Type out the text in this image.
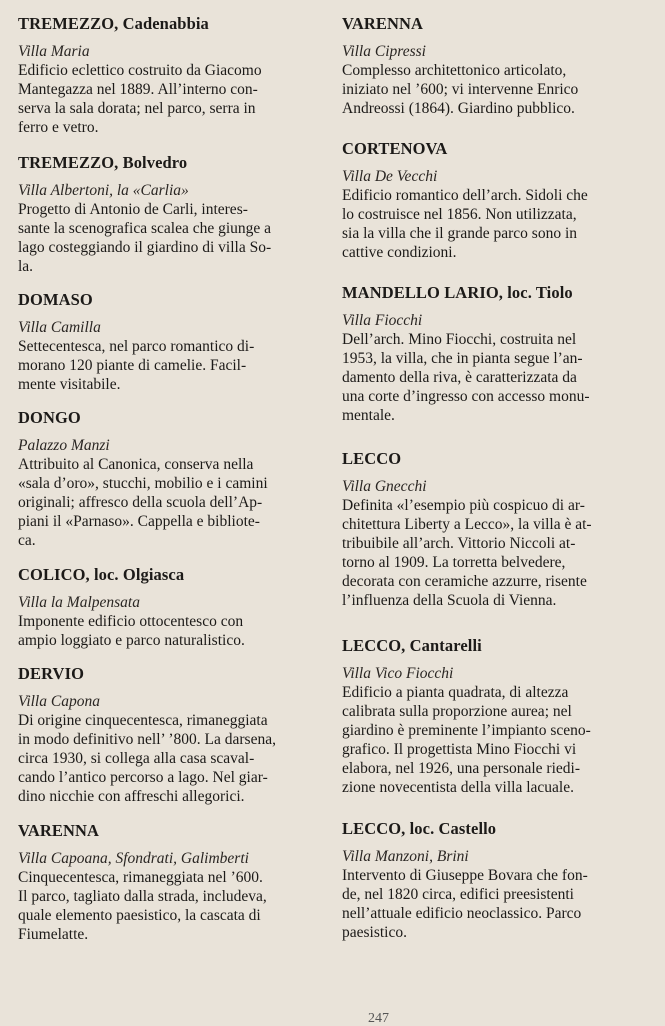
TREMEZZO, Cadenabbia
Villa Maria
Edificio eclettico costruito da Giacomo
Mantegazza nel 1889. All’interno con-
serva la sala dorata; nel parco, serra in
ferro e vetro.
TREMEZZO, Bolvedro
Villa Albertoni, la «Carlia»
Progetto di Antonio de Carli, interes-
sante la scenografica scalea che giunge a
lago costeggiando il giardino di villa So-
la.
DOMASO
Villa Camilla
Settecentesca, nel parco romantico di-
morano 120 piante di camelie. Facil-
mente visitabile.
DONGO
Palazzo Manzi
Attribuito al Canonica, conserva nella
«sala d’oro», stucchi, mobilio e i camini
originali; affresco della scuola dell’Ap-
piani il «Parnaso». Cappella e bibliote-
ca.
COLICO, loc. Olgiasca
Villa la Malpensata
Imponente edificio ottocentesco con
ampio loggiato e parco naturalistico.
DERVIO
Villa Capona
Di origine cinquecentesca, rimaneggiata
in modo definitivo nell’ ’800. La darsena,
circa 1930, si collega alla casa scaval-
cando l’antico percorso a lago. Nel giar-
dino nicchie con affreschi allegorici.
VARENNA
Villa Capoana, Sfondrati, Galimberti
Cinquecentesca, rimaneggiata nel ’600.
Il parco, tagliato dalla strada, includeva,
quale elemento paesistico, la cascata di
Fiumelatte.
VARENNA
Villa Cipressi
Complesso architettonico articolato,
iniziato nel ’600; vi intervenne Enrico
Andreossi (1864). Giardino pubblico.
CORTENOVA
Villa De Vecchi
Edificio romantico dell’arch. Sidoli che
lo costruisce nel 1856. Non utilizzata,
sia la villa che il grande parco sono in
cattive condizioni.
MANDELLO LARIO, loc. Tiolo
Villa Fiocchi
Dell’arch. Mino Fiocchi, costruita nel
1953, la villa, che in pianta segue l’an-
damento della riva, è caratterizzata da
una corte d’ingresso con accesso monu-
mentale.
LECCO
Villa Gnecchi
Definita «l’esempio più cospicuo di ar-
chitettura Liberty a Lecco», la villa è at-
tribuibile all’arch. Vittorio Niccoli at-
torno al 1909. La torretta belvedere,
decorata con ceramiche azzurre, risente
l’influenza della Scuola di Vienna.
LECCO, Cantarelli
Villa Vico Fiocchi
Edificio a pianta quadrata, di altezza
calibrata sulla proporzione aurea; nel
giardino è preminente l’impianto sceno-
grafico. Il progettista Mino Fiocchi vi
elabora, nel 1926, una personale riedi-
zione novecentista della villa lacuale.
LECCO, loc. Castello
Villa Manzoni, Brini
Intervento di Giuseppe Bovara che fon-
de, nel 1820 circa, edifici preesistenti
nell’attuale edificio neoclassico. Parco
paesistico.
247
